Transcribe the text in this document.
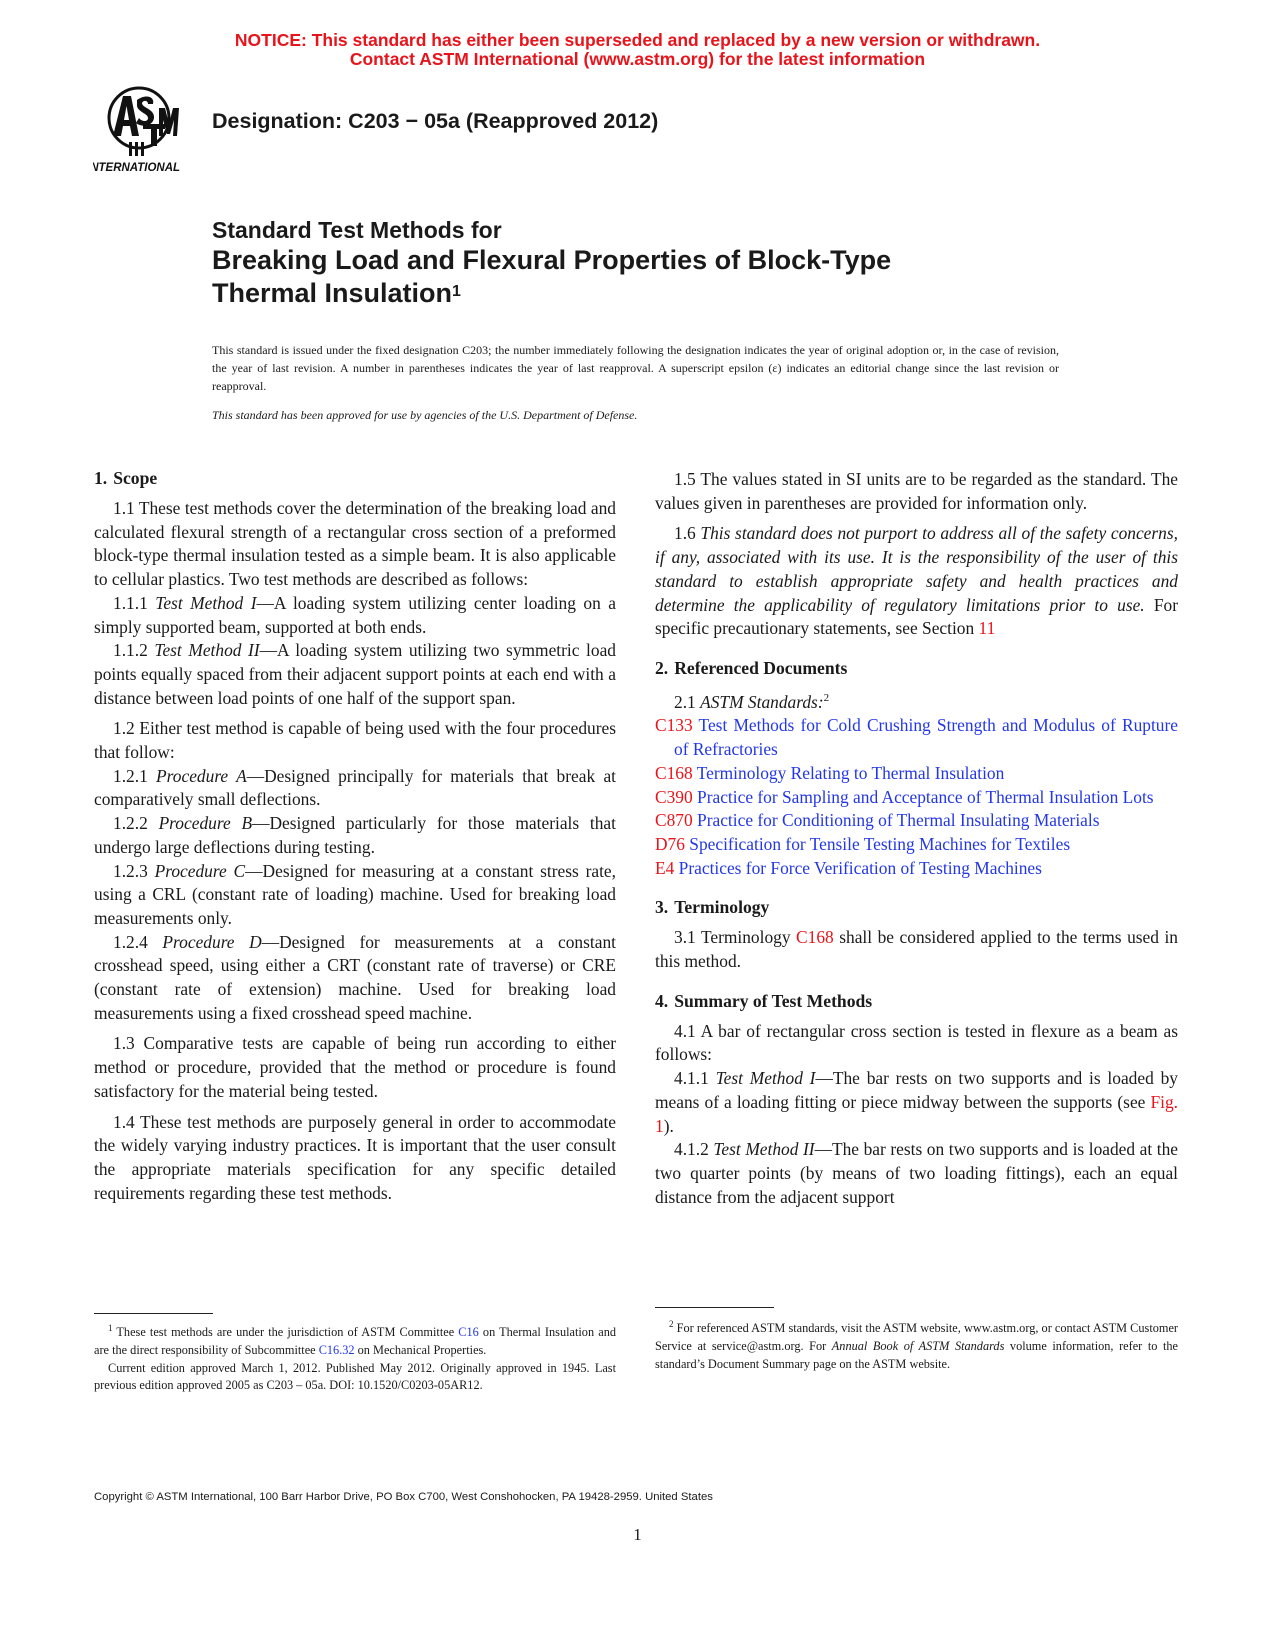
NOTICE: This standard has either been superseded and replaced by a new version or withdrawn.
Contact ASTM International (www.astm.org) for the latest information
INTERNATIONAL
Designation: C203 − 05a (Reapproved 2012)
Standard Test Methods for
Breaking Load and Flexural Properties of Block-Type
Thermal Insulation$^1$
This standard is issued under the fixed designation C203; the number immediately following the designation indicates the year of original adoption or, in the case of revision, the year of last revision. A number in parentheses indicates the year of last reapproval. A superscript epsilon (ε) indicates an editorial change since the last revision or reapproval.
This standard has been approved for use by agencies of the U.S. Department of Defense.
1. Scope

1.1 These test methods cover the determination of the breaking load and calculated flexural strength of a rectangular cross section of a preformed block-type thermal insulation tested as a simple beam. It is also applicable to cellular plastics. Two test methods are described as follows:

1.1.1 Test Method I—A loading system utilizing center loading on a simply supported beam, supported at both ends.

1.1.2 Test Method II—A loading system utilizing two symmetric load points equally spaced from their adjacent support points at each end with a distance between load points of one half of the support span.

1.2 Either test method is capable of being used with the four procedures that follow:

1.2.1 Procedure A—Designed principally for materials that break at comparatively small deflections.

1.2.2 Procedure B—Designed particularly for those materials that undergo large deflections during testing.

1.2.3 Procedure C—Designed for measuring at a constant stress rate, using a CRL (constant rate of loading) machine. Used for breaking load measurements only.

1.2.4 Procedure D—Designed for measurements at a constant crosshead speed, using either a CRT (constant rate of traverse) or CRE (constant rate of extension) machine. Used for breaking load measurements using a fixed crosshead speed machine.

1.3 Comparative tests are capable of being run according to either method or procedure, provided that the method or procedure is found satisfactory for the material being tested.

1.4 These test methods are purposely general in order to accommodate the widely varying industry practices. It is important that the user consult the appropriate materials specification for any specific detailed requirements regarding these test methods.

$^1$ These test methods are under the jurisdiction of ASTM Committee C16 on Thermal Insulation and are the direct responsibility of Subcommittee C16.32 on Mechanical Properties.

Current edition approved March 1, 2012. Published May 2012. Originally approved in 1945. Last previous edition approved 2005 as C203 – 05a. DOI: 10.1520/C0203-05AR12.

1.5 The values stated in SI units are to be regarded as the standard. The values given in parentheses are provided for information only.

1.6 This standard does not purport to address all of the safety concerns, if any, associated with its use. It is the responsibility of the user of this standard to establish appropriate safety and health practices and determine the applicability of regulatory limitations prior to use. For specific precautionary statements, see Section 11

2. Referenced Documents

2.1 ASTM Standards:$^2$

C133 Test Methods for Cold Crushing Strength and Modulus of Rupture of Refractories
C168 Terminology Relating to Thermal Insulation
C390 Practice for Sampling and Acceptance of Thermal Insulation Lots
C870 Practice for Conditioning of Thermal Insulating Materials
D76 Specification for Tensile Testing Machines for Textiles
E4 Practices for Force Verification of Testing Machines
3. Terminology

3.1 Terminology C168 shall be considered applied to the terms used in this method.

4. Summary of Test Methods

4.1 A bar of rectangular cross section is tested in flexure as a beam as follows:

4.1.1 Test Method I—The bar rests on two supports and is loaded by means of a loading fitting or piece midway between the supports (see Fig. 1).

4.1.2 Test Method II—The bar rests on two supports and is loaded at the two quarter points (by means of two loading fittings), each an equal distance from the adjacent support

$^2$ For referenced ASTM standards, visit the ASTM website, www.astm.org, or contact ASTM Customer Service at service@astm.org. For Annual Book of ASTM Standards volume information, refer to the standard’s Document Summary page on the ASTM website.

Copyright © ASTM International, 100 Barr Harbor Drive, PO Box C700, West Conshohocken, PA 19428-2959. United States
1
